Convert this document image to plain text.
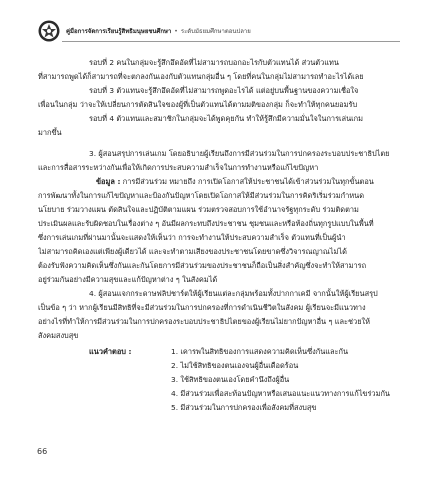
คู่มือการจัดการเรียนรู้สิทธิมนุษยชนศึกษา • ระดับมัธยมศึกษาตอนปลาย

รอบที่ 2 คนในกลุ่มจะรู้สึกอึดอัดที่ไม่สามารถบอกอะไรกับตัวแทนได้ ส่วนตัวแทน

ที่สามารถพูดได้ก็สามารถที่จะตกลงกันเองกับตัวแทนกลุ่มอื่น ๆ โดยที่คนในกลุ่มไม่สามารถทำอะไรได้เลย

รอบที่ 3 ตัวแทนจะรู้สึกอึดอัดที่ไม่สามารถพูดอะไรได้ แต่อยู่บนพื้นฐานของความเชื่อใจ

เพื่อนในกลุ่ม ว่าจะให้เปลี่ยนการตัดสินใจของผู้ที่เป็นตัวแทนได้ตามมติของกลุ่ม ก็จะทำให้ทุกคนยอมรับ

รอบที่ 4 ตัวแทนและสมาชิกในกลุ่มจะได้พูดคุยกัน ทำให้รู้สึกมีความมั่นใจในการเล่นเกม

มากขึ้น

3. ผู้สอนสรุปการเล่นเกม โดยอธิบายผู้เรียนถึงการมีส่วนร่วมในการปกครองระบอบประชาธิปไตย

และการสื่อสารระหว่างกันเพื่อให้เกิดการประสบความสำเร็จในการทำงานหรือแก้ไขปัญหา

ข้อมูล : การมีส่วนร่วม หมายถึง การเปิดโอกาสให้ประชาชนได้เข้าส่วนร่วมในทุกขั้นตอน

การพัฒนาทั้งในการแก้ไขปัญหาและป้องกันปัญหาโดยเปิดโอกาสให้มีส่วนร่วมในการคิดริเริ่มร่วมกำหนด

นโยบาย ร่วมวางแผน ตัดสินใจและปฏิบัติตามแผน ร่วมตรวจสอบการใช้อำนาจรัฐทุกระดับ ร่วมติดตาม

ประเมินผลและรับผิดชอบในเรื่องต่าง ๆ อันมีผลกระทบถึงประชาชน ชุมชนและหรือท้องถิ่นทุกรูปแบบในพื้นที่

ซึ่งการเล่นเกมที่ผ่านมานั้นจะแสดงให้เห็นว่า การจะทำงานให้ประสบความสำเร็จ ตัวแทนที่เป็นผู้นำ

ไม่สามารถคิดเองแต่เพียงผู้เดียวได้ และจะทำตามเสียงของประชาชนโดยขาดซึ่งวิจารณญาณไม่ได้

ต้องรับฟังความคิดเห็นซึ่งกันและกันโดยการมีส่วนร่วมของประชาชนก็ถือเป็นสิ่งสำคัญซึ่งจะทำให้สามารถ

อยู่ร่วมกันอย่างมีความสุขและแก้ปัญหาต่าง ๆ ในสังคมได้

4. ผู้สอนแจกกระดาษฟลิปชาร์ตให้ผู้เรียนแต่ละกลุ่มพร้อมทั้งปากกาเคมี จากนั้นให้ผู้เรียนสรุป

เป็นข้อ ๆ ว่า หากผู้เรียนมีสิทธิที่จะมีส่วนร่วมในการปกครองที่การดำเนินชีวิตในสังคม ผู้เรียนจะมีแนวทาง

อย่างไรที่ทำให้การมีส่วนร่วมในการปกครองระบอบประชาธิปไตยของผู้เรียนไม่ยากปัญหาอื่น ๆ และช่วยให้

สังคมสงบสุข

แนวคำตอบ :	1. เคารพในสิทธิของการแสดงความคิดเห็นซึ่งกันและกัน
2. ไม่ใช้สิทธิของตนเองจนผู้อื่นเดือดร้อน
3. ใช้สิทธิของตนเองโดยคำนึงถึงผู้อื่น
4. มีส่วนร่วมเพื่อสะท้อนปัญหาหรือเสนอแนะแนวทางการแก้ไขร่วมกัน
5. มีส่วนร่วมในการปกครองเพื่อสังคมที่สงบสุข
66
